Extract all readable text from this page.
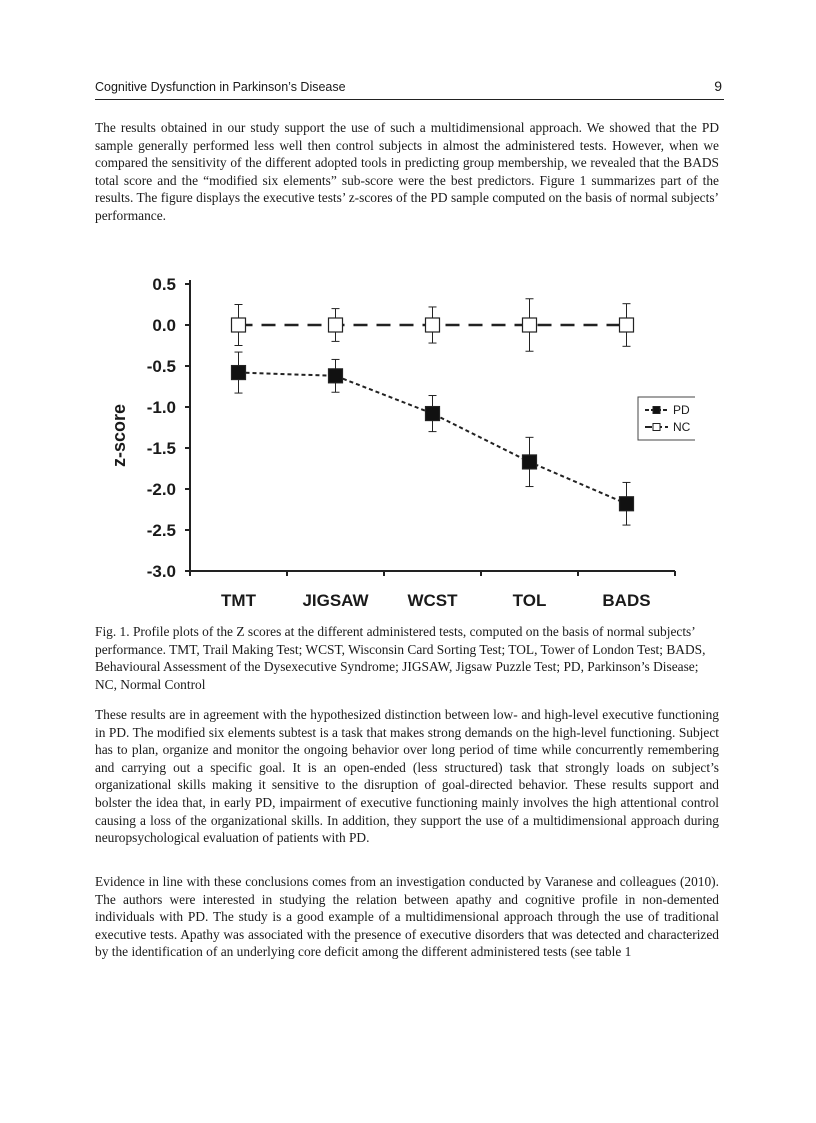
Cognitive Dysfunction in Parkinson’s Disease	9

The results obtained in our study support the use of such a multidimensional approach. We showed that the PD sample generally performed less well then control subjects in almost the administered tests. However, when we compared the sensitivity of the different adopted tools in predicting group membership, we revealed that the BADS total score and the “modified six elements” sub-score were the best predictors. Figure 1 summarizes part of the results. The figure displays the executive tests’ z-scores of the PD sample computed on the basis of normal subjects’ performance.

0.5
0.0
-0.5
-1.0
-1.5
-2.0
-2.5
-3.0
TMT	JIGSAW WCST	TOL	BADS
z-score	PD
NC

Fig. 1. Profile plots of the Z scores at the different administered tests, computed on the basis of normal subjects’ performance. TMT, Trail Making Test; WCST, Wisconsin Card Sorting Test; TOL, Tower of London Test; BADS, Behavioural Assessment of the Dysexecutive Syndrome; JIGSAW, Jigsaw Puzzle Test; PD, Parkinson’s Disease; NC, Normal Control

These results are in agreement with the hypothesized distinction between low- and high-level executive functioning in PD. The modified six elements subtest is a task that makes strong demands on the high-level functioning. Subject has to plan, organize and monitor the ongoing behavior over long period of time while concurrently remembering and carrying out a specific goal. It is an open-ended (less structured) task that strongly loads on subject’s organizational skills making it sensitive to the disruption of goal-directed behavior. These results support and bolster the idea that, in early PD, impairment of executive functioning mainly involves the high attentional control causing a loss of the organizational skills. In addition, they support the use of a multidimensional approach during neuropsychological evaluation of patients with PD.

Evidence in line with these conclusions comes from an investigation conducted by Varanese and colleagues (2010). The authors were interested in studying the relation between apathy and cognitive profile in non-demented individuals with PD. The study is a good example of a multidimensional approach through the use of traditional executive tests. Apathy was associated with the presence of executive disorders that was detected and characterized by the identification of an underlying core deficit among the different administered tests (see table 1
